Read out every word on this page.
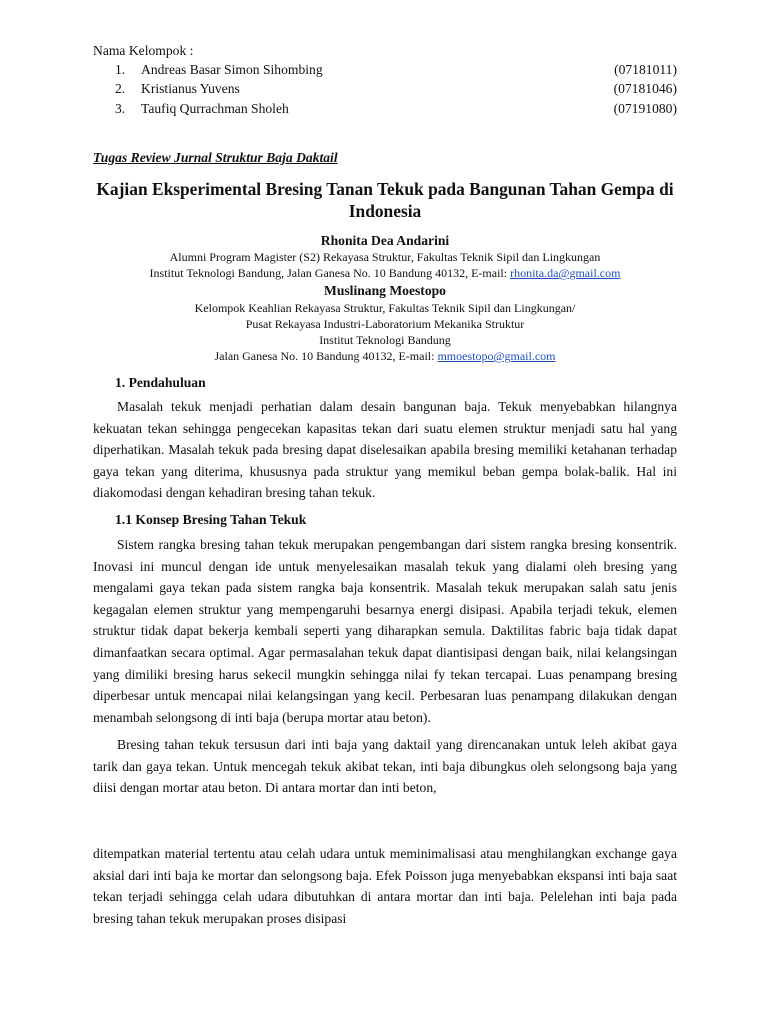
Nama Kelompok :
1. Andreas Basar Simon Sihombing	(07181011)
2. Kristianus Yuvens	(07181046)
3. Taufiq Qurrachman Sholeh	(07191080)
Tugas Review Jurnal Struktur Baja Daktail
Kajian Eksperimental Bresing Tanan Tekuk pada Bangunan Tahan Gempa di Indonesia
Rhonita Dea Andarini
Alumni Program Magister (S2) Rekayasa Struktur, Fakultas Teknik Sipil dan Lingkungan
Institut Teknologi Bandung, Jalan Ganesa No. 10 Bandung 40132, E-mail: rhonita.da@gmail.com
Muslinang Moestopo
Kelompok Keahlian Rekayasa Struktur, Fakultas Teknik Sipil dan Lingkungan/
Pusat Rekayasa Industri-Laboratorium Mekanika Struktur
Institut Teknologi Bandung
Jalan Ganesa No. 10 Bandung 40132, E-mail: mmoestopo@gmail.com
1. Pendahuluan

Masalah tekuk menjadi perhatian dalam desain bangunan baja. Tekuk menyebabkan hilangnya kekuatan tekan sehingga pengecekan kapasitas tekan dari suatu elemen struktur menjadi satu hal yang diperhatikan. Masalah tekuk pada bresing dapat diselesaikan apabila bresing memiliki ketahanan terhadap gaya tekan yang diterima, khususnya pada struktur yang memikul beban gempa bolak-balik. Hal ini diakomodasi dengan kehadiran bresing tahan tekuk.

1.1 Konsep Bresing Tahan Tekuk

Sistem rangka bresing tahan tekuk merupakan pengembangan dari sistem rangka bresing konsentrik. Inovasi ini muncul dengan ide untuk menyelesaikan masalah tekuk yang dialami oleh bresing yang mengalami gaya tekan pada sistem rangka baja konsentrik. Masalah tekuk merupakan salah satu jenis kegagalan elemen struktur yang mempengaruhi besarnya energi disipasi. Apabila terjadi tekuk, elemen struktur tidak dapat bekerja kembali seperti yang diharapkan semula. Daktilitas fabric baja tidak dapat dimanfaatkan secara optimal. Agar permasalahan tekuk dapat diantisipasi dengan baik, nilai kelangsingan yang dimiliki bresing harus sekecil mungkin sehingga nilai fy tekan tercapai. Luas penampang bresing diperbesar untuk mencapai nilai kelangsingan yang kecil. Perbesaran luas penampang dilakukan dengan menambah selongsong di inti baja (berupa mortar atau beton).

Bresing tahan tekuk tersusun dari inti baja yang daktail yang direncanakan untuk leleh akibat gaya tarik dan gaya tekan. Untuk mencegah tekuk akibat tekan, inti baja dibungkus oleh selongsong baja yang diisi dengan mortar atau beton. Di antara mortar dan inti beton,

ditempatkan material tertentu atau celah udara untuk meminimalisasi atau menghilangkan exchange gaya aksial dari inti baja ke mortar dan selongsong baja. Efek Poisson juga menyebabkan ekspansi inti baja saat tekan terjadi sehingga celah udara dibutuhkan di antara mortar dan inti baja. Pelelehan inti baja pada bresing tahan tekuk merupakan proses disipasi
